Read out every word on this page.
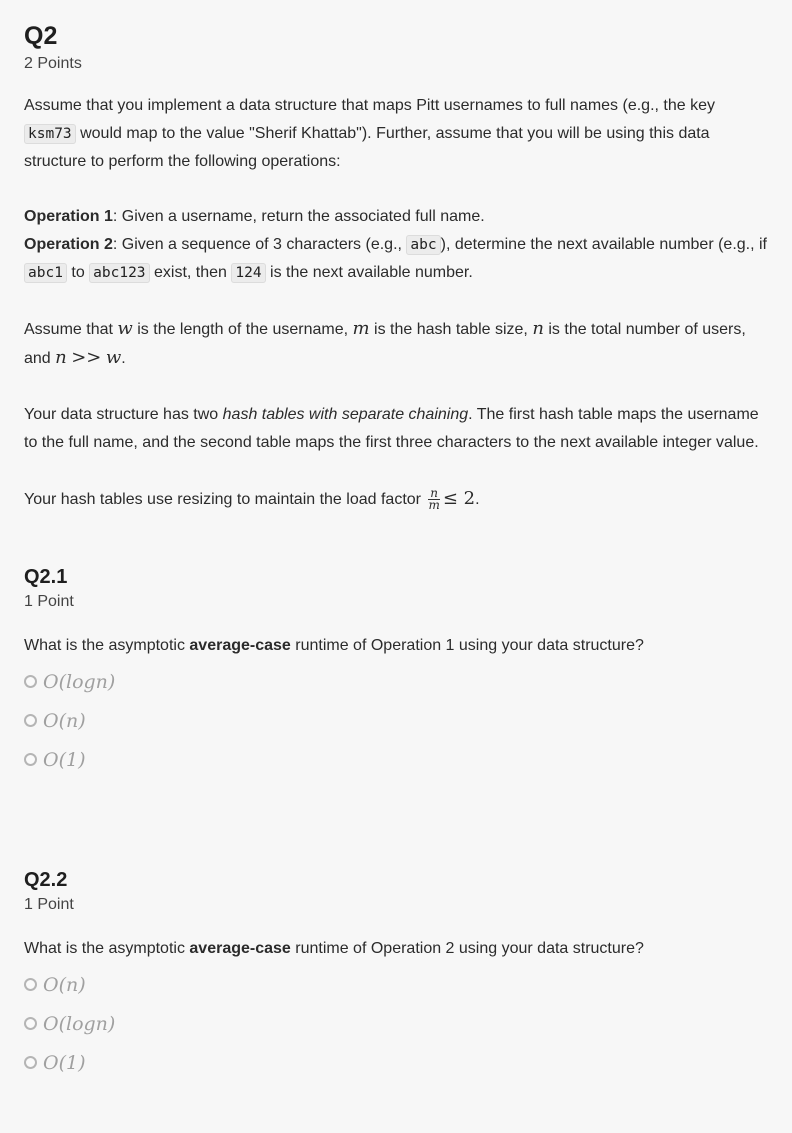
Q2
2 Points

Assume that you implement a data structure that maps Pitt usernames to full names (e.g., the key ksm73 would map to the value "Sherif Khattab"). Further, assume that you will be using this data structure to perform the following operations:

Operation 1: Given a username, return the associated full name.

Operation 2: Given a sequence of 3 characters (e.g., abc ), determine the next available number (e.g., if abc1 to abc123 exist, then 124 is the next available number.

Assume that w is the length of the username, m is the hash table size, n is the total number of users, and n >> w.

Your data structure has two hash tables with separate chaining. The first hash table maps the username to the full name, and the second table maps the first three characters to the next available integer value.

Your hash tables use resizing to maintain the load factor $\frac{n}{m} \le 2$.

Q2.1
1 Point

What is the asymptotic average-case runtime of Operation 1 using your data structure?

O(logn)
O(n)
O(1)
Q2.2
1 Point

What is the asymptotic average-case runtime of Operation 2 using your data structure?

O(n)
O(logn)
O(1)
